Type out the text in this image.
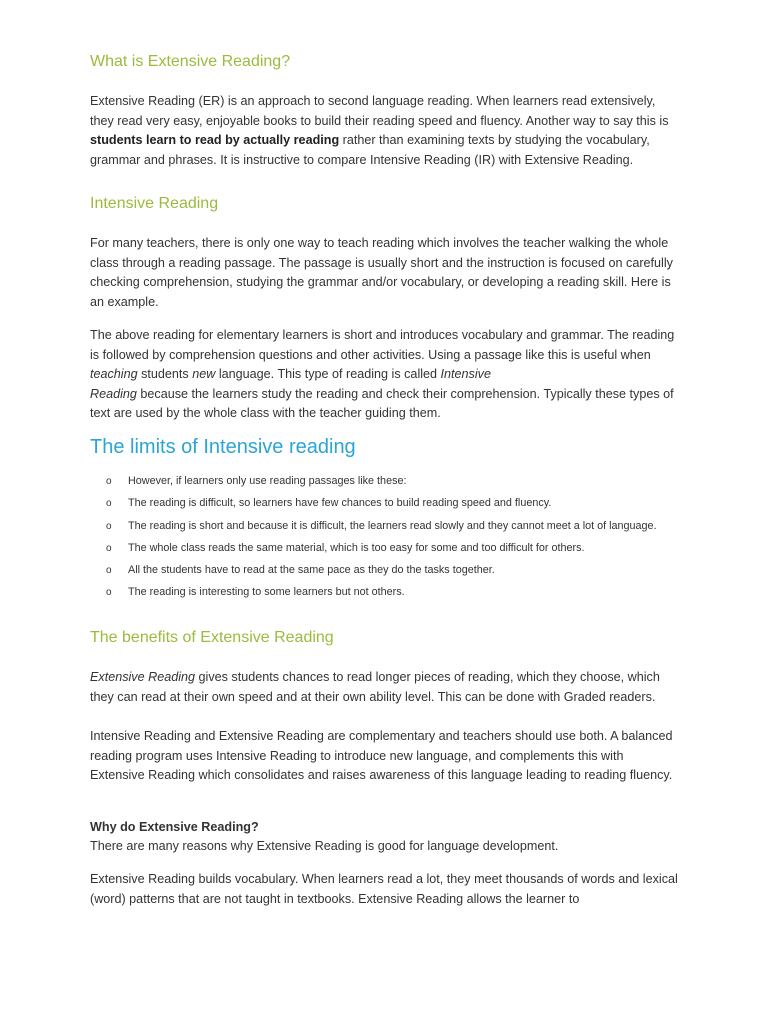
What is Extensive Reading?

Extensive Reading (ER) is an approach to second language reading. When learners read extensively, they read very easy, enjoyable books to build their reading speed and fluency. Another way to say this is students learn to read by actually reading rather than examining texts by studying the vocabulary, grammar and phrases. It is instructive to compare Intensive Reading (IR) with Extensive Reading.

Intensive Reading

For many teachers, there is only one way to teach reading which involves the teacher walking the whole class through a reading passage. The passage is usually short and the instruction is focused on carefully checking comprehension, studying the grammar and/or vocabulary, or developing a reading skill. Here is an example.

The above reading for elementary learners is short and introduces vocabulary and grammar. The reading is followed by comprehension questions and other activities. Using a passage like this is useful when teaching students new language. This type of reading is called Intensive
Reading because the learners study the reading and check their comprehension. Typically these types of text are used by the whole class with the teacher guiding them.

The limits of Intensive reading
o However, if learners only use reading passages like these:
o The reading is difficult, so learners have few chances to build reading speed and fluency.
o The reading is short and because it is difficult, the learners read slowly and they cannot meet a lot of language.
o The whole class reads the same material, which is too easy for some and too difficult for others.
o All the students have to read at the same pace as they do the tasks together.
o The reading is interesting to some learners but not others.
The benefits of Extensive Reading

Extensive Reading gives students chances to read longer pieces of reading, which they choose, which they can read at their own speed and at their own ability level. This can be done with Graded readers.

Intensive Reading and Extensive Reading are complementary and teachers should use both. A balanced reading program uses Intensive Reading to introduce new language, and complements this with Extensive Reading which consolidates and raises awareness of this language leading to reading fluency.

Why do Extensive Reading?

There are many reasons why Extensive Reading is good for language development.

Extensive Reading builds vocabulary. When learners read a lot, they meet thousands of words and lexical (word) patterns that are not taught in textbooks. Extensive Reading allows the learner to
